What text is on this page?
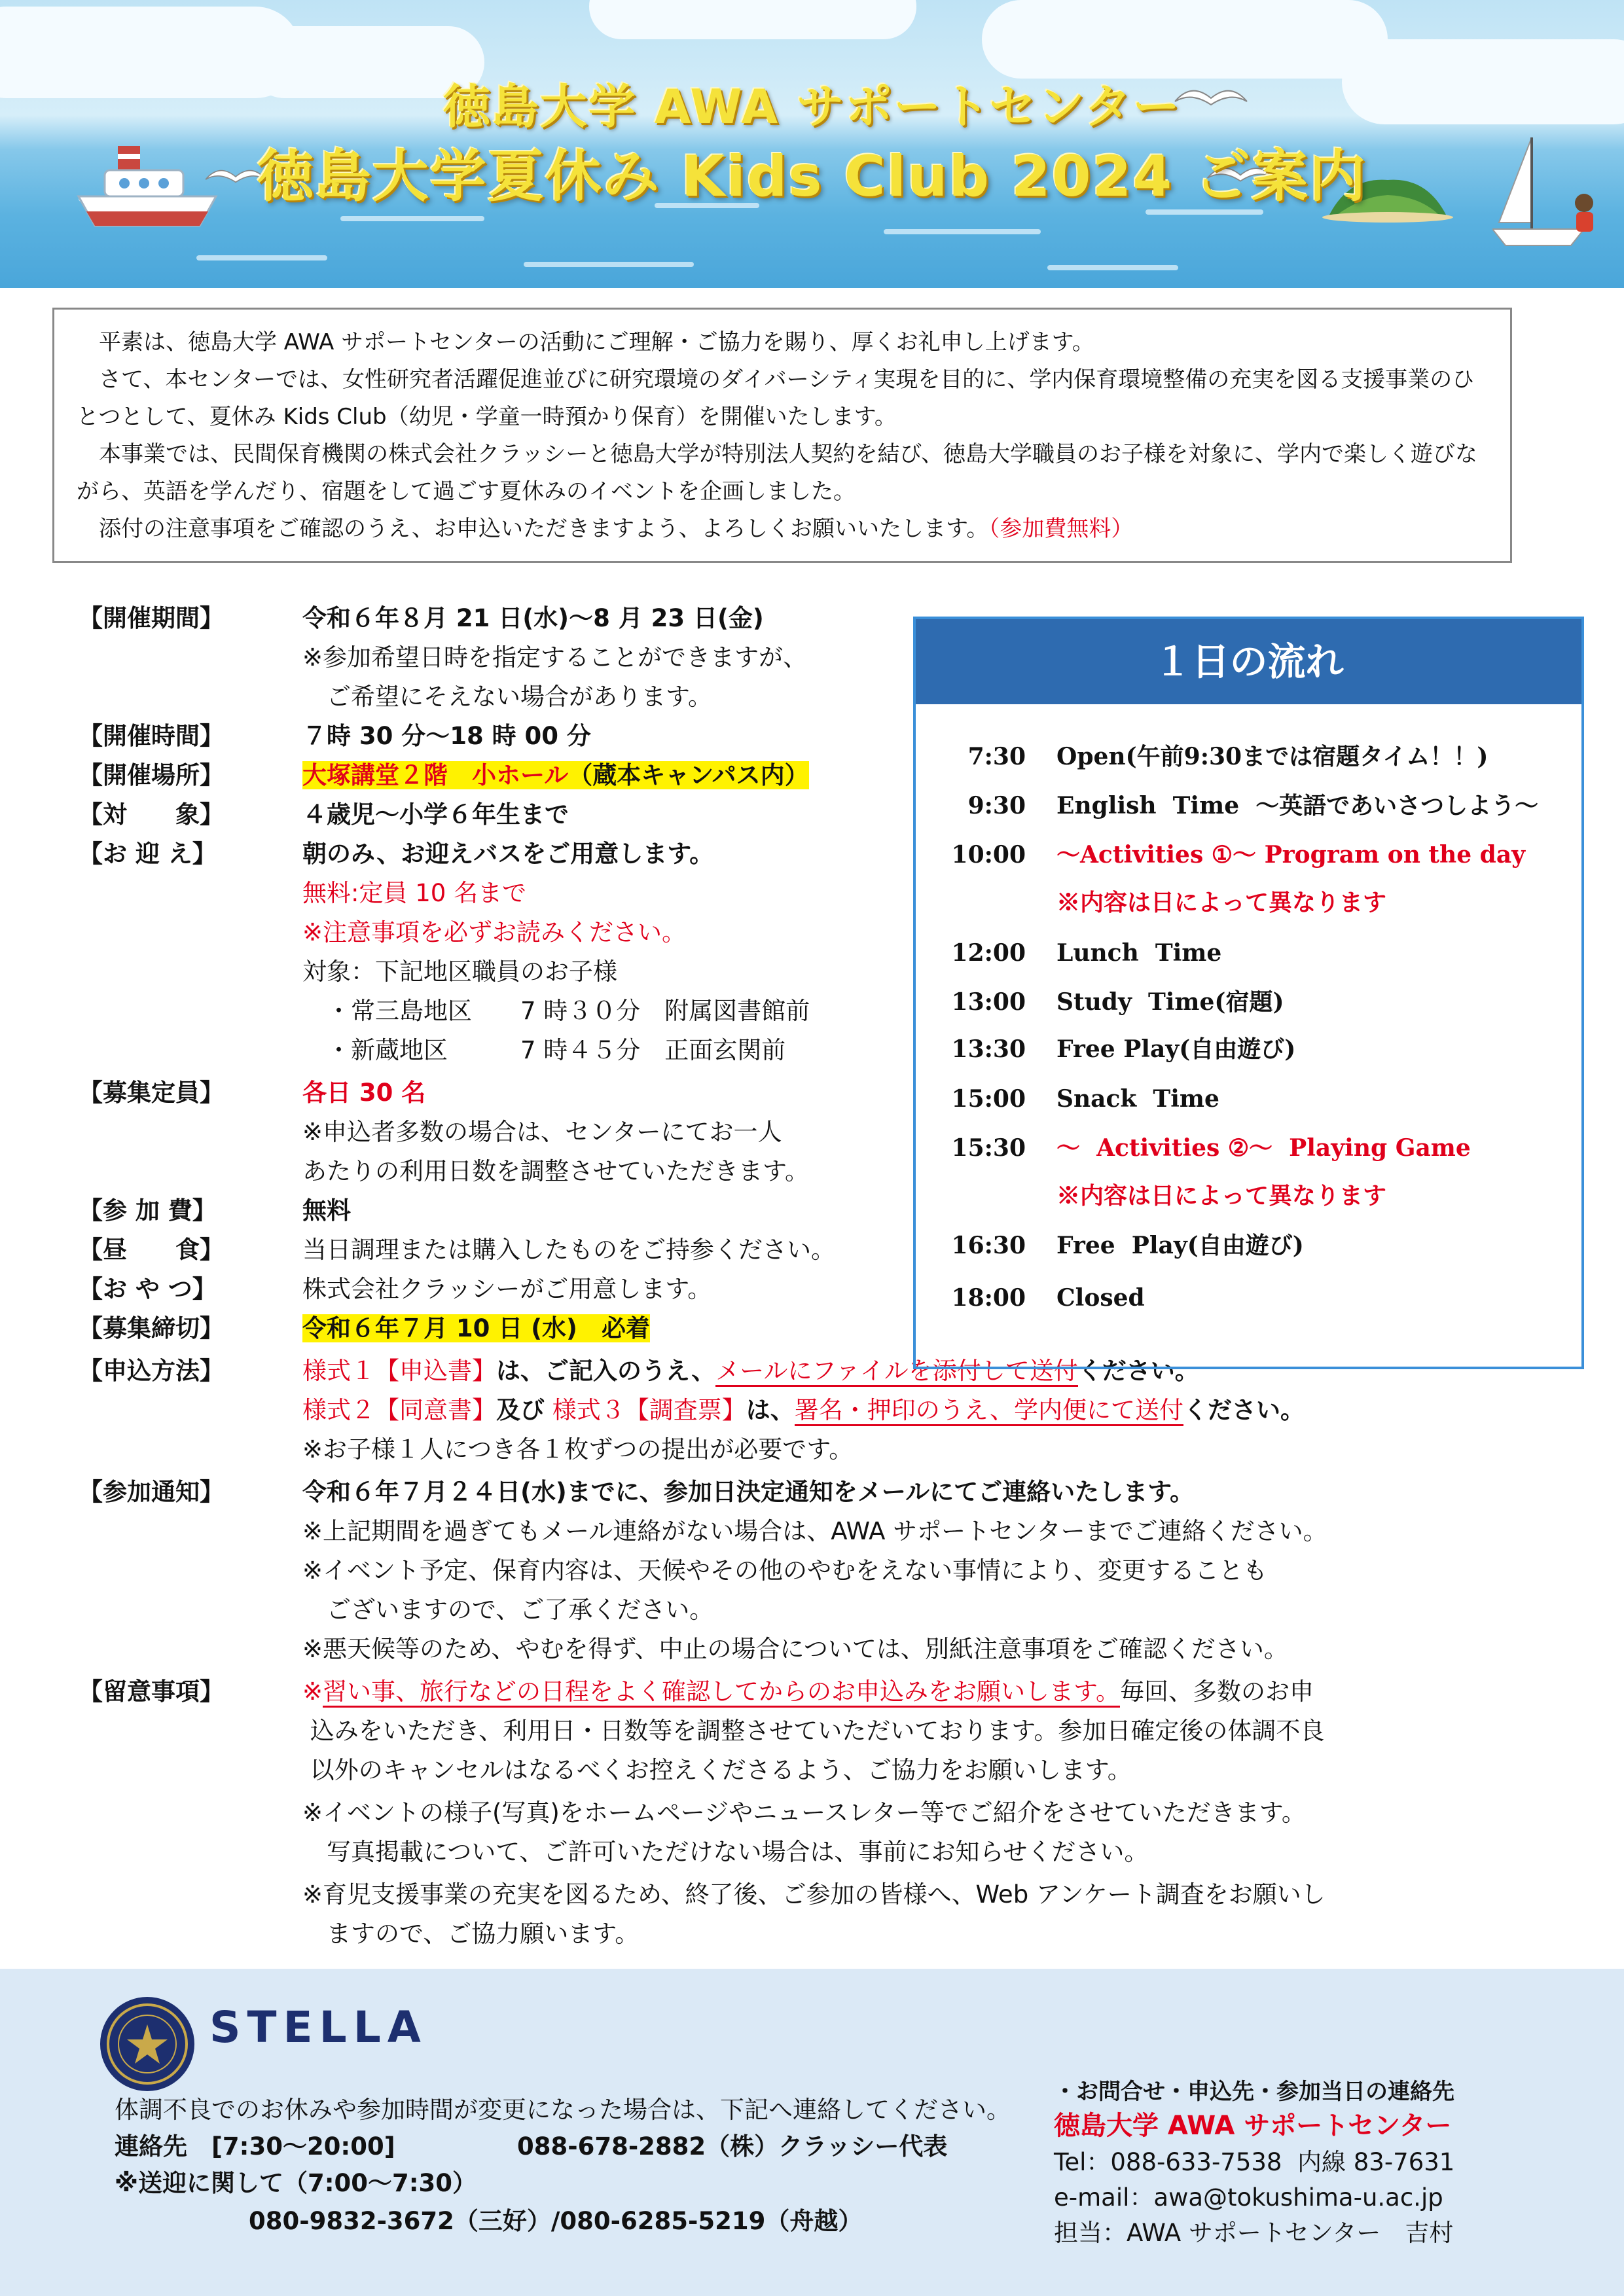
徳島大学 AWA サポートセンター
徳島大学夏休み Kids Club 2024 ご案内

　平素は、徳島大学 AWA サポートセンターの活動にご理解・ご協力を賜り、厚くお礼申し上げます。

　さて、本センターでは、女性研究者活躍促進並びに研究環境のダイバーシティ実現を目的に、学内保育環境整備の充実を図る支援事業のひとつとして、夏休み Kids Club（幼児・学童一時預かり保育）を開催いたします。

　本事業では、民間保育機関の株式会社クラッシーと徳島大学が特別法人契約を結び、徳島大学職員のお子様を対象に、学内で楽しく遊びながら、英語を学んだり、宿題をして過ごす夏休みのイベントを企画しました。

　添付の注意事項をご確認のうえ、お申込いただきますよう、よろしくお願いいたします。（参加費無料）

【開催期間】	令和６年８月 21 日(水)〜8 月 23 日(金)
※参加希望日時を指定することができますが、
　ご希望にそえない場合があります。
【開催時間】	７時 30 分〜18 時 00 分
【開催場所】	大塚講堂２階　小ホール（蔵本キャンパス内）
【対　　象】	４歳児〜小学６年生まで
【お 迎 え】	朝のみ、お迎えバスをご用意します。
無料:定員 10 名まで
※注意事項を必ずお読みください。
対象：下記地区職員のお子様
　・常三島地区　　7 時３０分　附属図書館前
　・新蔵地区　　　7 時４５分　正面玄関前
【募集定員】	各日 30 名
※申込者多数の場合は、センターにてお一人
あたりの利用日数を調整させていただきます。
【参 加 費】	無料
【昼　　食】	当日調理または購入したものをご持参ください。
【お や つ】	株式会社クラッシーがご用意します。
【募集締切】	令和６年７月 10 日 (水)　必着
【申込方法】	様式１【申込書】は、ご記入のうえ、メールにファイルを添付して送付ください。
様式２【同意書】及び 様式３【調査票】は、署名・押印のうえ、学内便にて送付ください。
※お子様１人につき各１枚ずつの提出が必要です。
【参加通知】	令和６年７月２４日(水)までに、参加日決定通知をメールにてご連絡いたします。
※上記期間を過ぎてもメール連絡がない場合は、AWA サポートセンターまでご連絡ください。
※イベント予定、保育内容は、天候やその他のやむをえない事情により、変更することも
　ございますので、ご了承ください。
※悪天候等のため、やむを得ず、中止の場合については、別紙注意事項をご確認ください。
【留意事項】	※習い事、旅行などの日程をよく確認してからのお申込みをお願いします。毎回、多数のお申
込みをいただき、利用日・日数等を調整させていただいております。参加日確定後の体調不良
以外のキャンセルはなるべくお控えくださるよう、ご協力をお願いします。
※イベントの様子(写真)をホームページやニュースレター等でご紹介をさせていただきます。
　写真掲載について、ご許可いただけない場合は、事前にお知らせください。
※育児支援事業の充実を図るため、終了後、ご参加の皆様へ、Web アンケート調査をお願いし
　ますので、ご協力願います。
１日の流れ
7:30 Open(午前9:30までは宿題タイム！！)
9:30 English  Time  〜英語であいさつしよう〜
10:00 〜Activities ①〜 Program on the day
※内容は日によって異なります
12:00 Lunch  Time
13:00 Study  Time(宿題)
13:30 Free Play(自由遊び)
15:00 Snack  Time
15:30 〜  Activities ②〜  Playing Game
※内容は日によって異なります
16:30 Free  Play(自由遊び)
18:00 Closed
STELLA
体調不良でのお休みや参加時間が変更になった場合は、下記へ連絡してください。
連絡先　[7:30〜20:00]	088-678-2882（株）クラッシー代表
※送迎に関して（7:00〜7:30）
080-9832-3672（三好）/080-6285-5219（舟越）
・お問合せ・申込先・参加当日の連絡先
徳島大学 AWA サポートセンター
Tel：088-633-7538  内線 83-7631
e-mail：awa@tokushima-u.ac.jp
担当：AWA サポートセンター　吉村
